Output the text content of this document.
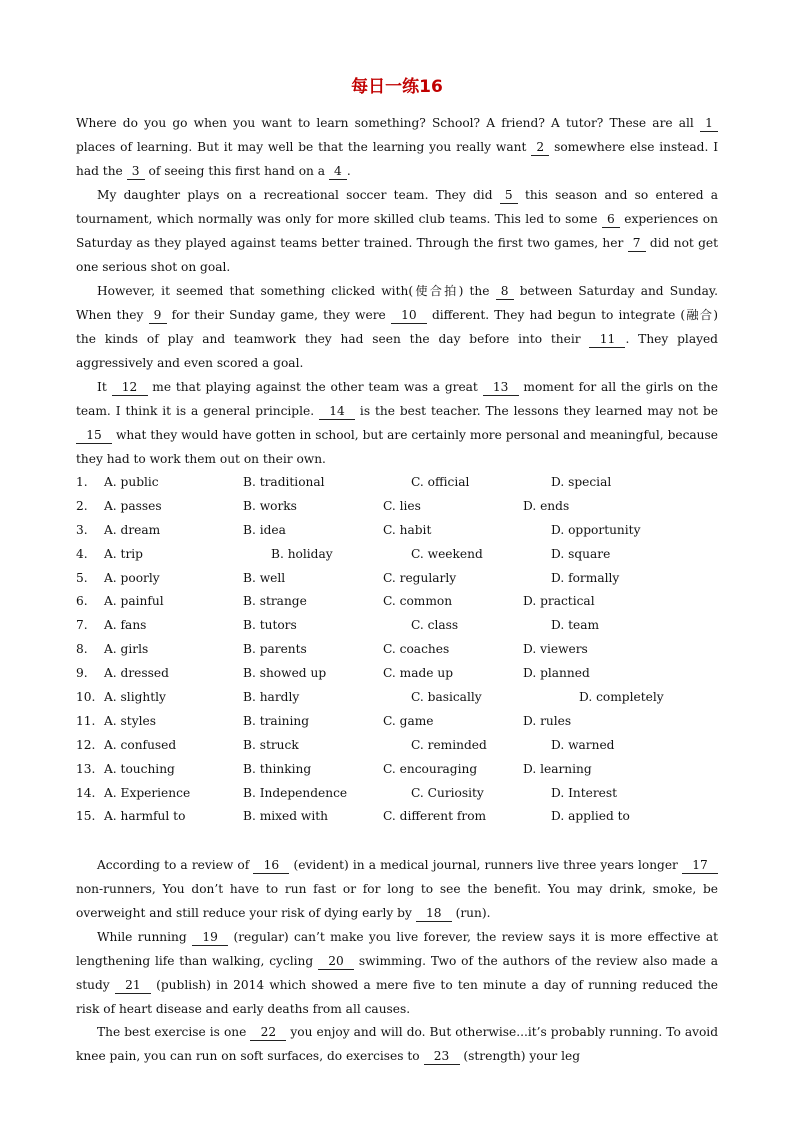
每日一练16

Where do you go when you want to learn something? School? A friend? A tutor? These are all 1 places of learning. But it may well be that the learning you really want 2 somewhere else instead. I had the 3 of seeing this first hand on a 4 .

My daughter plays on a recreational soccer team. They did 5 this season and so entered a tournament, which normally was only for more skilled club teams. This led to some 6 experiences on Saturday as they played against teams better trained. Through the first two games, her 7 did not get one serious shot on goal.

However, it seemed that something clicked with(使合拍) the 8 between Saturday and Sunday. When they 9 for their Sunday game, they were 10 different. They had begun to integrate (融合) the kinds of play and teamwork they had seen the day before into their 11 . They played aggressively and even scored a goal.

It 12 me that playing against the other team was a great 13 moment for all the girls on the team. I think it is a general principle. 14 is the best teacher. The lessons they learned may not be 15 what they would have gotten in school, but are certainly more personal and meaningful, because they had to work them out on their own.

1. A. public	B. traditional	C. official	D. special
2. A. passes	B. works	C. lies	D. ends
3. A. dream	B. idea	C. habit	D. opportunity
4. A. trip	B. holiday	C. weekend	D. square
5. A. poorly	B. well	C. regularly	D. formally
6. A. painful	B. strange	C. common	D. practical
7. A. fans	B. tutors	C. class	D. team
8. A. girls	B. parents	C. coaches	D. viewers
9. A. dressed	B. showed up	C. made up	D. planned
10. A. slightly	B. hardly	C. basically	D. completely
11. A. styles	B. training	C. game	D. rules
12. A. confused	B. struck	C. reminded	D. warned
13. A. touching	B. thinking	C. encouraging	D. learning
14. A. Experience	B. Independence	C. Curiosity	D. Interest
15. A. harmful to	B. mixed with	C. different from	D. applied to

According to a review of 16 (evident) in a medical journal, runners live three years longer 17 non-runners, You don’t have to run fast or for long to see the benefit. You may drink, smoke, be overweight and still reduce your risk of dying early by 18 (run).

While running 19 (regular) can’t make you live forever, the review says it is more effective at lengthening life than walking, cycling 20 swimming. Two of the authors of the review also made a study 21 (publish) in 2014 which showed a mere five to ten minute a day of running reduced the risk of heart disease and early deaths from all causes.

The best exercise is one 22 you enjoy and will do. But otherwise...it’s probably running. To avoid knee pain, you can run on soft surfaces, do exercises to 23 (strength) your leg
